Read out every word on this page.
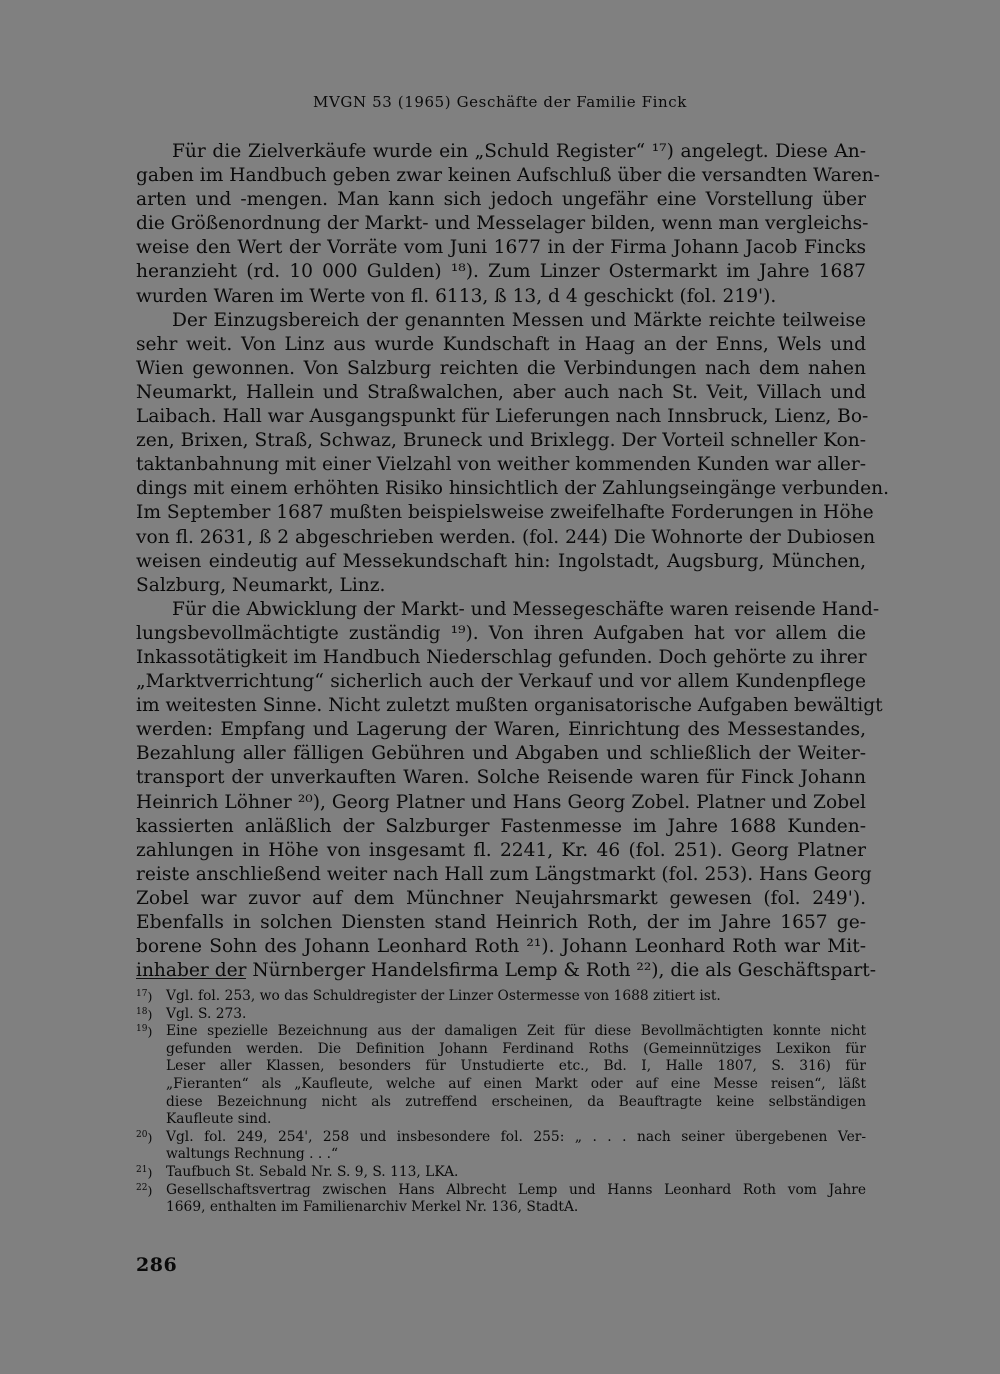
MVGN 53 (1965) Geschäfte der Familie Finck
Für die Zielverkäufe wurde ein „Schuld Register“ ¹⁷) angelegt. Diese An-
gaben im Handbuch geben zwar keinen Aufschluß über die versandten Waren-
arten und -mengen. Man kann sich jedoch ungefähr eine Vorstellung über
die Größenordnung der Markt- und Messelager bilden, wenn man vergleichs-
weise den Wert der Vorräte vom Juni 1677 in der Firma Johann Jacob Fincks
heranzieht (rd. 10 000 Gulden) ¹⁸). Zum Linzer Ostermarkt im Jahre 1687
wurden Waren im Werte von fl. 6113, ß 13, d 4 geschickt (fol. 219').
Der Einzugsbereich der genannten Messen und Märkte reichte teilweise
sehr weit. Von Linz aus wurde Kundschaft in Haag an der Enns, Wels und
Wien gewonnen. Von Salzburg reichten die Verbindungen nach dem nahen
Neumarkt, Hallein und Straßwalchen, aber auch nach St. Veit, Villach und
Laibach. Hall war Ausgangspunkt für Lieferungen nach Innsbruck, Lienz, Bo-
zen, Brixen, Straß, Schwaz, Bruneck und Brixlegg. Der Vorteil schneller Kon-
taktanbahnung mit einer Vielzahl von weither kommenden Kunden war aller-
dings mit einem erhöhten Risiko hinsichtlich der Zahlungseingänge verbunden.
Im September 1687 mußten beispielsweise zweifelhafte Forderungen in Höhe
von fl. 2631, ß 2 abgeschrieben werden. (fol. 244) Die Wohnorte der Dubiosen
weisen eindeutig auf Messekundschaft hin: Ingolstadt, Augsburg, München,
Salzburg, Neumarkt, Linz.
Für die Abwicklung der Markt- und Messegeschäfte waren reisende Hand-
lungsbevollmächtigte zuständig ¹⁹). Von ihren Aufgaben hat vor allem die
Inkassotätigkeit im Handbuch Niederschlag gefunden. Doch gehörte zu ihrer
„Marktverrichtung“ sicherlich auch der Verkauf und vor allem Kundenpflege
im weitesten Sinne. Nicht zuletzt mußten organisatorische Aufgaben bewältigt
werden: Empfang und Lagerung der Waren, Einrichtung des Messestandes,
Bezahlung aller fälligen Gebühren und Abgaben und schließlich der Weiter-
transport der unverkauften Waren. Solche Reisende waren für Finck Johann
Heinrich Löhner ²⁰), Georg Platner und Hans Georg Zobel. Platner und Zobel
kassierten anläßlich der Salzburger Fastenmesse im Jahre 1688 Kunden-
zahlungen in Höhe von insgesamt fl. 2241, Kr. 46 (fol. 251). Georg Platner
reiste anschließend weiter nach Hall zum Längstmarkt (fol. 253). Hans Georg
Zobel war zuvor auf dem Münchner Neujahrsmarkt gewesen (fol. 249').
Ebenfalls in solchen Diensten stand Heinrich Roth, der im Jahre 1657 ge-
borene Sohn des Johann Leonhard Roth ²¹). Johann Leonhard Roth war Mit-
inhaber der Nürnberger Handelsfirma Lemp & Roth ²²), die als Geschäftspart-
$^{17}$) Vgl. fol. 253, wo das Schuldregister der Linzer Ostermesse von 1688 zitiert ist.
$^{18}$) Vgl. S. 273.
$^{19}$) Eine spezielle Bezeichnung aus der damaligen Zeit für diese Bevollmächtigten konnte nicht
gefunden werden. Die Definition Johann Ferdinand Roths (Gemeinnütziges Lexikon für
Leser aller Klassen, besonders für Unstudierte etc., Bd. I, Halle 1807, S. 316) für
„Fieranten“ als „Kaufleute, welche auf einen Markt oder auf eine Messe reisen“, läßt
diese Bezeichnung nicht als zutreffend erscheinen, da Beauftragte keine selbständigen
Kaufleute sind.
$^{20}$) Vgl. fol. 249, 254', 258 und insbesondere fol. 255: „ . . . nach seiner übergebenen Ver-
waltungs Rechnung . . .“
$^{21}$) Taufbuch St. Sebald Nr. S. 9, S. 113, LKA.
$^{22}$) Gesellschaftsvertrag zwischen Hans Albrecht Lemp und Hanns Leonhard Roth vom Jahre
1669, enthalten im Familienarchiv Merkel Nr. 136, StadtA.
286
